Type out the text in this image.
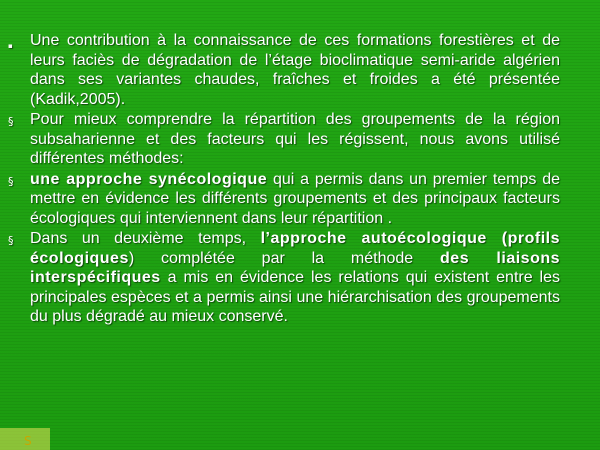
S

▪	Une contribution à la connaissance de ces formations forestières et de leurs faciès de dégradation de l’étage bioclimatique semi-aride algérien dans ses variantes chaudes, fraîches et froides a été présentée (Kadik,2005).

§	Pour mieux comprendre la répartition des groupements de la région subsaharienne et des facteurs qui les régissent, nous avons utilisé différentes méthodes:

§	une approche synécologique qui a permis dans un premier temps de mettre en évidence les différents groupements et des principaux facteurs écologiques qui interviennent dans leur répartition .

§	Dans un deuxième temps, l’approche autoécologique (profils écologiques) complétée par la méthode des liaisons interspécifiques a mis en évidence les relations qui existent entre les principales espèces et a permis ainsi une hiérarchisation des groupements du plus dégradé au mieux conservé.
